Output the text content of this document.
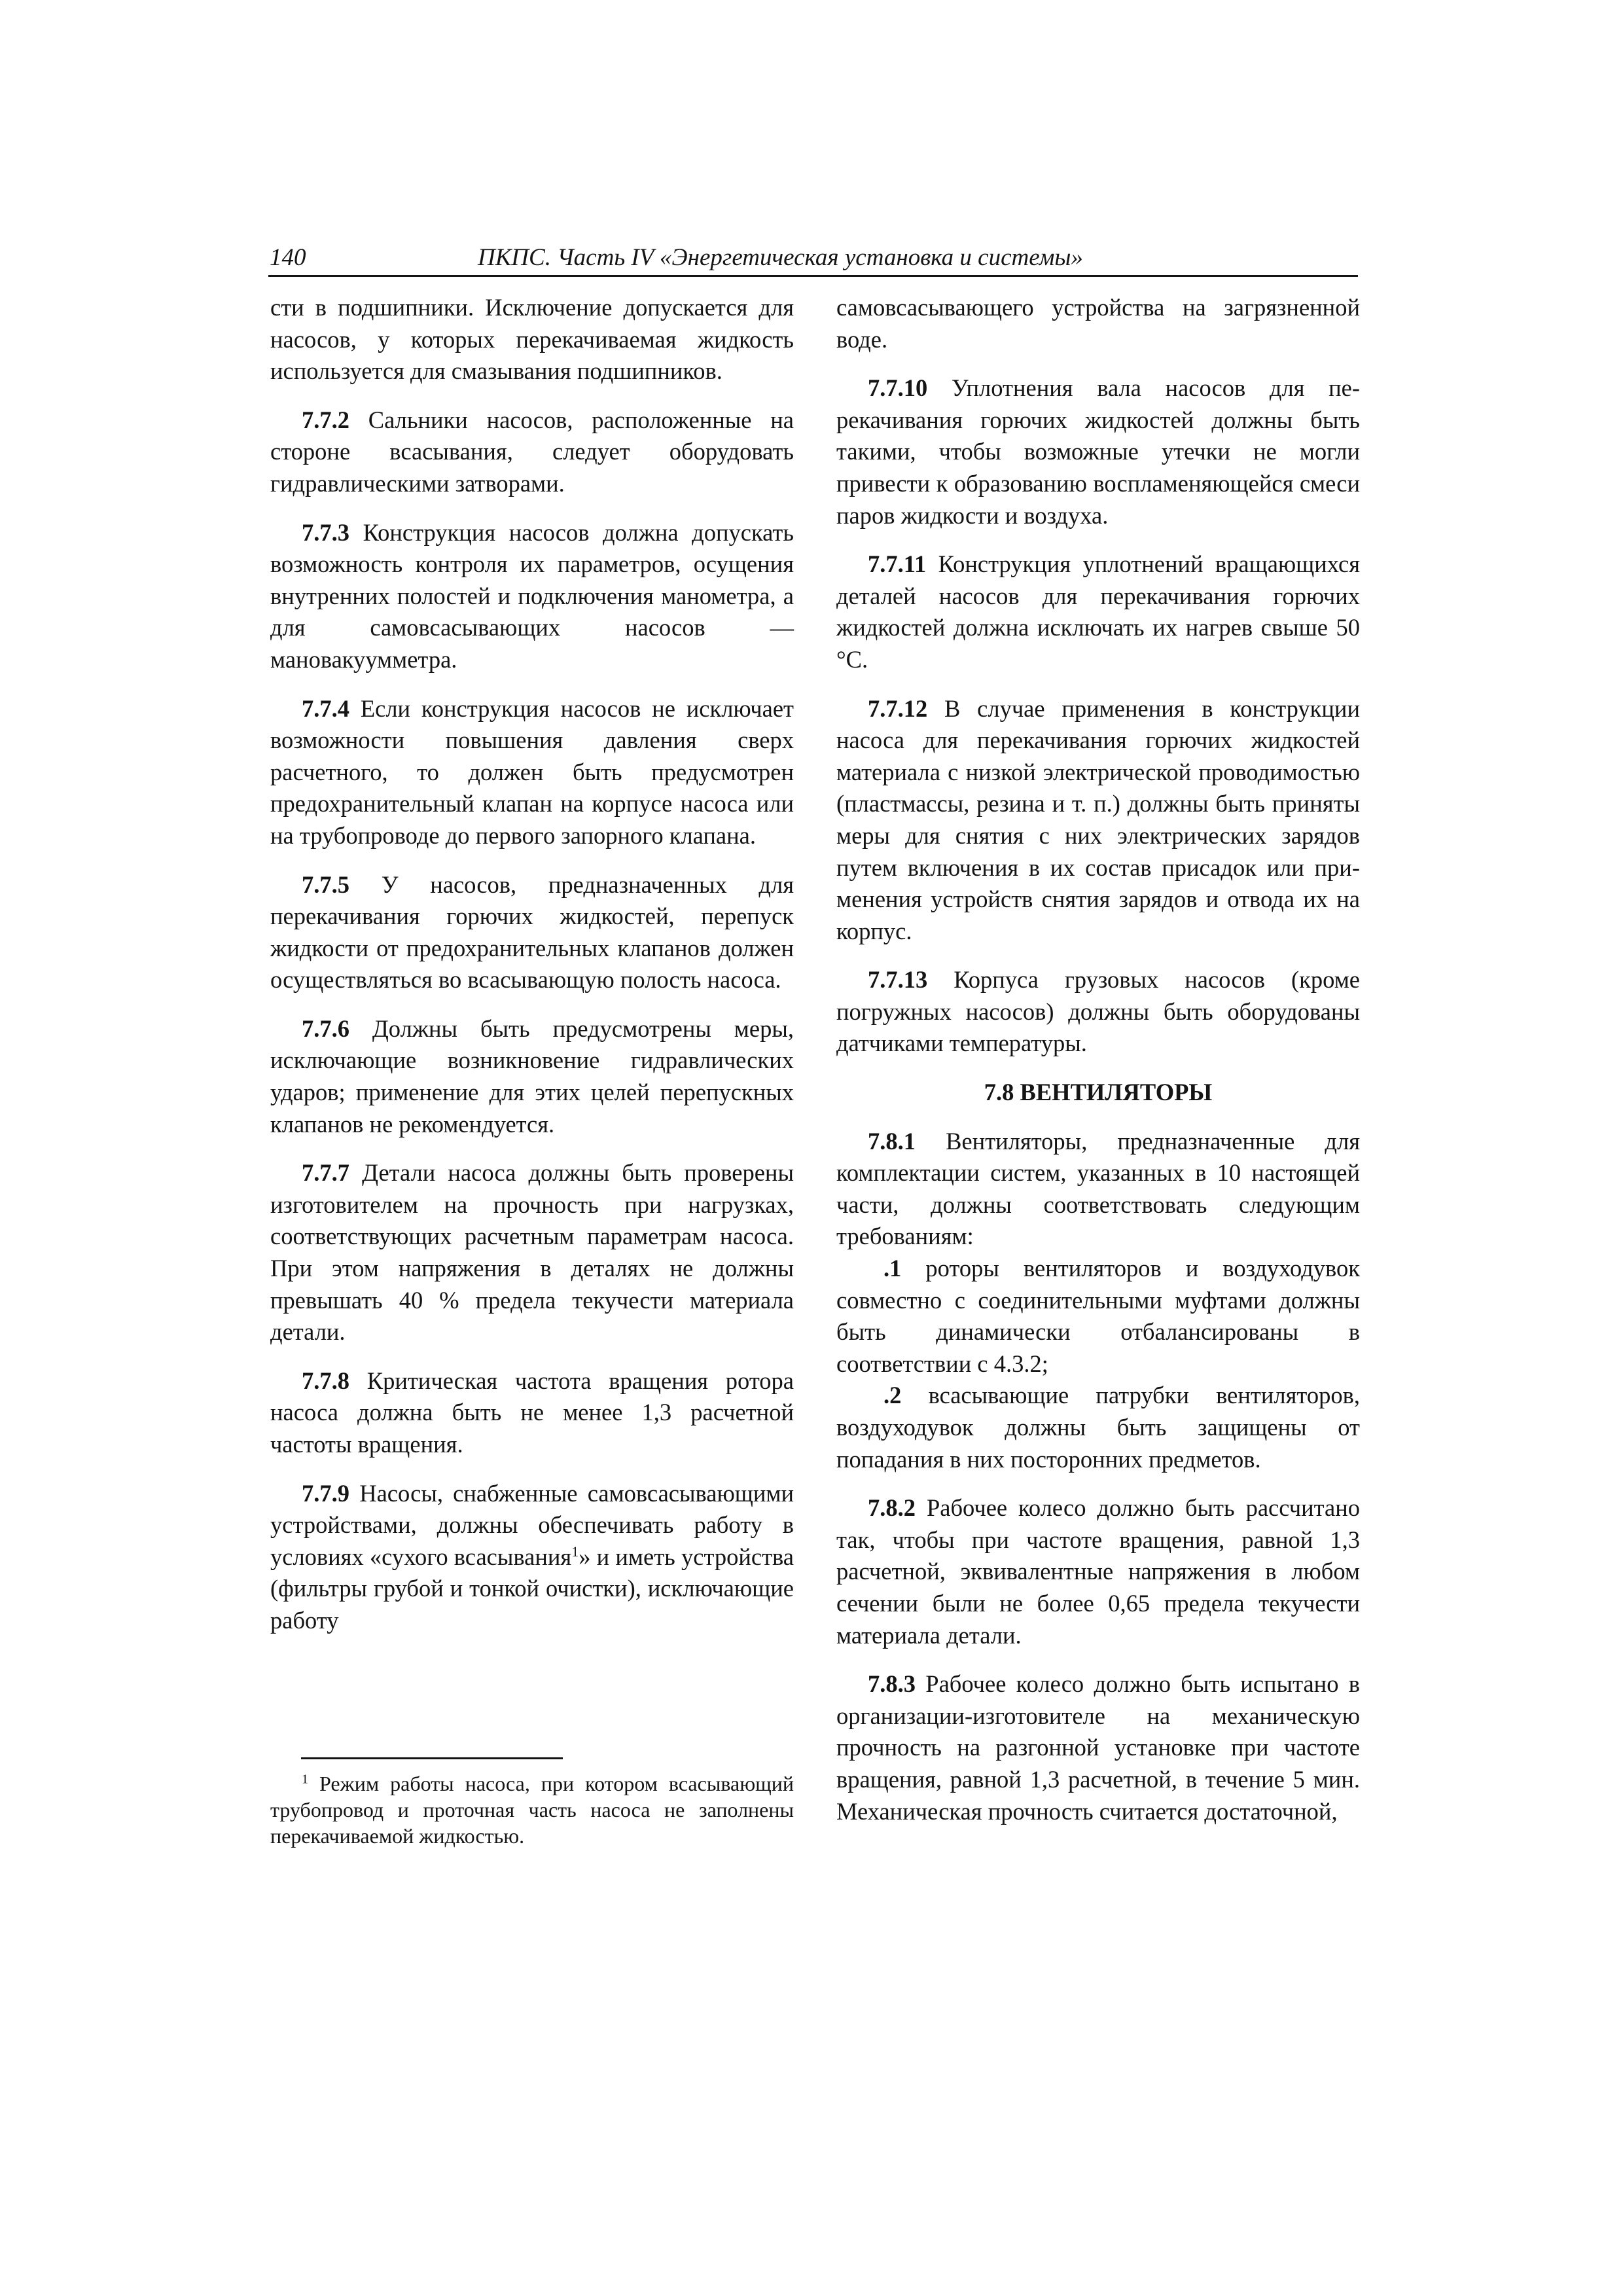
140	ПКПС. Часть IV «Энергетическая установка и системы»

сти в подшипники. Исключение допускается для насосов, у которых перекачиваемая жидкость используется для смазывания подшипников.

7.7.2 Сальники насосов, расположенные на стороне всасывания, следует оборудовать гидравлическими затворами.

7.7.3 Конструкция насосов должна допускать возможность контроля их параметров, осущения внутренних полостей и подключения манометра, а для самовсасывающих насосов — мановакуумметра.

7.7.4 Если конструкция насосов не исключает возможности повышения давления сверх расчетного, то должен быть предусмотрен предохранительный клапан на корпусе насоса или на трубопроводе до первого запорного клапана.

7.7.5 У насосов, предназначенных для перекачивания горючих жидкостей, перепуск жидкости от предохранительных клапанов должен осуществляться во всасывающую полость насоса.

7.7.6 Должны быть предусмотрены меры, исключающие возникновение гидравлических ударов; применение для этих целей перепускных клапанов не рекомендуется.

7.7.7 Детали насоса должны быть проверены изготовителем на прочность при нагрузках, соответствующих расчетным параметрам насоса. При этом напряжения в деталях не должны превышать 40 % предела текучести материала детали.

7.7.8 Критическая частота вращения ротора насоса должна быть не менее 1,3 расчетной частоты вращения.

7.7.9 Насосы, снабженные самовсасывающими устройствами, должны обеспечивать работу в условиях «сухого всасывания$^1$» и иметь устройства (фильтры грубой и тонкой очистки), исключающие работу

$^1$ Режим работы насоса, при котором всасывающий трубопровод и проточная часть насоса не заполнены перекачиваемой жидкостью.

самовсасывающего устройства на загрязненной воде.

7.7.10 Уплотнения вала насосов для перекачивания горючих жидкостей должны быть такими, чтобы возможные утечки не могли привести к образованию воспламеняющейся смеси паров жидкости и воздуха.

7.7.11 Конструкция уплотнений вращающихся деталей насосов для перекачивания горючих жидкостей должна исключать их нагрев свыше 50 °С.

7.7.12 В случае применения в конструкции насоса для перекачивания горючих жидкостей материала с низкой электрической проводимостью (пластмассы, резина и т. п.) должны быть приняты меры для снятия с них электрических зарядов путем включения в их состав присадок или применения устройств снятия зарядов и отвода их на корпус.

7.7.13 Корпуса грузовых насосов (кроме погружных насосов) должны быть оборудованы датчиками температуры.

7.8 ВЕНТИЛЯТОРЫ

7.8.1 Вентиляторы, предназначенные для комплектации систем, указанных в 10 настоящей части, должны соответствовать следующим требованиям:

.1 роторы вентиляторов и воздуходувок совместно с соединительными муфтами должны быть динамически отбалансированы в соответствии с 4.3.2;

.2 всасывающие патрубки вентиляторов, воздуходувок должны быть защищены от попадания в них посторонних предметов.

7.8.2 Рабочее колесо должно быть рассчитано так, чтобы при частоте вращения, равной 1,3 расчетной, эквивалентные напряжения в любом сечении были не более 0,65 предела текучести материала детали.

7.8.3 Рабочее колесо должно быть испытано в организации-изготовителе на механическую прочность на разгонной установке при частоте вращения, равной 1,3 расчетной, в течение 5 мин. Механическая прочность считается достаточной,
